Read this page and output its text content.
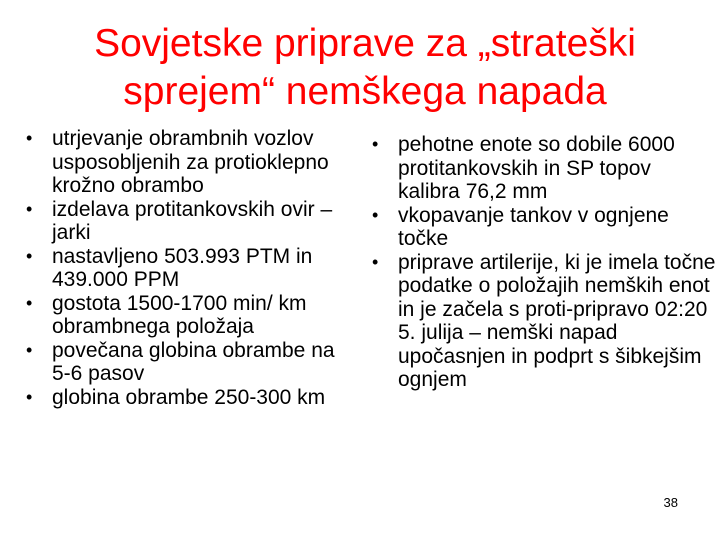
Sovjetske priprave za „strateški
sprejem“ nemškega napada
• utrjevanje obrambnih vozlov usposobljenih za protioklepno krožno obrambo
• izdelava protitankovskih ovir – jarki
• nastavljeno 503.993 PTM in 439.000 PPM
• gostota 1500-1700 min/ km obrambnega položaja
• povečana globina obrambe na 5-6 pasov
• globina obrambe 250-300 km
• pehotne enote so dobile 6000 protitankovskih in SP topov kalibra 76,2 mm
• vkopavanje tankov v ognjene točke
• priprave artilerije, ki je imela točne podatke o položajih nemških enot in je začela s proti-pripravo 02:20 5. julija – nemški napad upočasnjen in podprt s šibkejšim ognjem
38
